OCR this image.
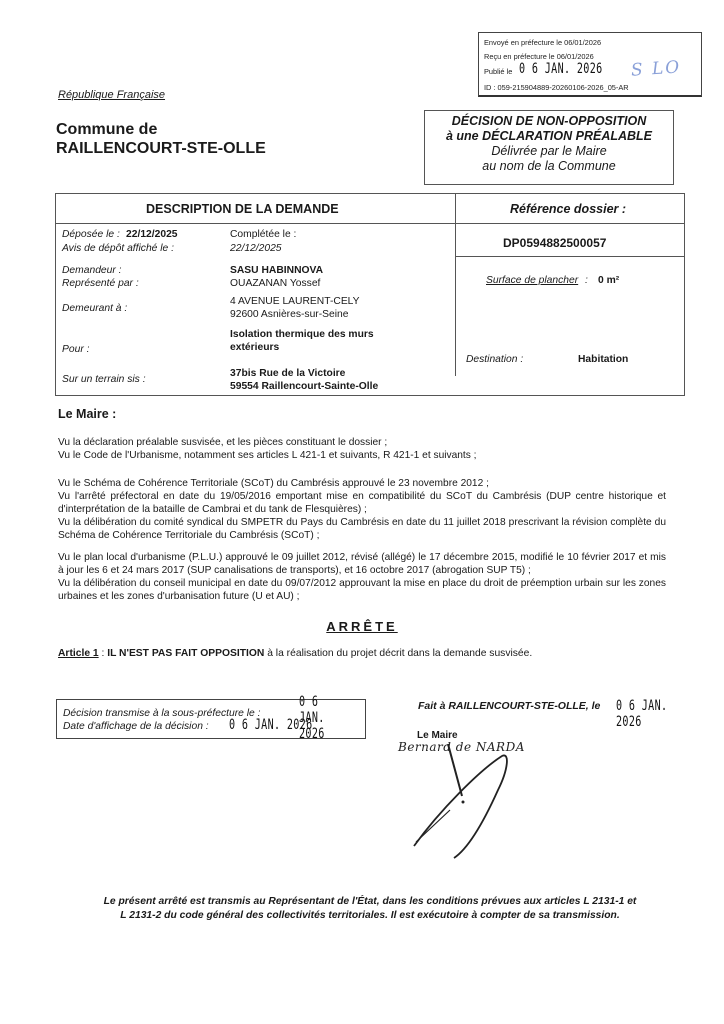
Envoyé en préfecture le 06/01/2026
Reçu en préfecture le 06/01/2026
Publié le 0 6 JAN. 2026 S LO
ID : 059-215904889-20260106-2026_05-AR
République Française
Commune de
RAILLENCOURT-STE-OLLE
DÉCISION DE NON-OPPOSITION
à une DÉCLARATION PRÉALABLE
Délivrée par le Maire
au nom de la Commune
DESCRIPTION DE LA DEMANDE	Référence dossier :
Déposée le : 22/12/2025	Complétée le :
Avis de dépôt affiché le :	22/12/2025	DP0594882500057
Demandeur :	SASU HABINNOVA
Représenté par :	OUAZANAN Yossef	Surface de plancher : 0 m²
Demeurant à :
4 AVENUE LAURENT-CELY
92600 Asnières-sur-Seine
Pour :
Isolation thermique des murs
extérieurs
Destination :	Habitation
Sur un terrain sis :
37bis Rue de la Victoire
59554 Raillencourt-Sainte-Olle
Le Maire :

Vu la déclaration préalable susvisée, et les pièces constituant le dossier ;

Vu le Code de l'Urbanisme, notamment ses articles L 421-1 et suivants, R 421-1 et suivants ;

Vu le Schéma de Cohérence Territoriale (SCoT) du Cambrésis approuvé le 23 novembre 2012 ;

Vu l'arrêté préfectoral en date du 19/05/2016 emportant mise en compatibilité du SCoT du Cambrésis (DUP centre historique et d'interprétation de la bataille de Cambrai et du tank de Flesquières) ;

Vu la délibération du comité syndical du SMPETR du Pays du Cambrésis en date du 11 juillet 2018 prescrivant la révision complète du Schéma de Cohérence Territoriale du Cambrésis (SCoT) ;

Vu le plan local d'urbanisme (P.L.U.) approuvé le 09 juillet 2012, révisé (allégé) le 17 décembre 2015, modifié le 10 février 2017 et mis à jour les 6 et 24 mars 2017 (SUP canalisations de transports), et 16 octobre 2017 (abrogation SUP T5) ;

Vu la délibération du conseil municipal en date du 09/07/2012 approuvant la mise en place du droit de préemption urbain sur les zones urbaines et les zones d'urbanisation future (U et AU) ;

ARRÊTE
Article 1 : IL N'EST PAS FAIT OPPOSITION à la réalisation du projet décrit dans la demande susvisée.
Décision transmise à la sous-préfecture le :
0 6 JAN. 2026
Date d'affichage de la décision : 0 6 JAN. 2026
Fait à RAILLENCOURT-STE-OLLE, le 0 6 JAN. 2026
Le Maire
Bernard de NARDA
Le présent arrêté est transmis au Représentant de l'État, dans les conditions prévues aux articles L 2131-1 et
L 2131-2 du code général des collectivités territoriales. Il est exécutoire à compter de sa transmission.
